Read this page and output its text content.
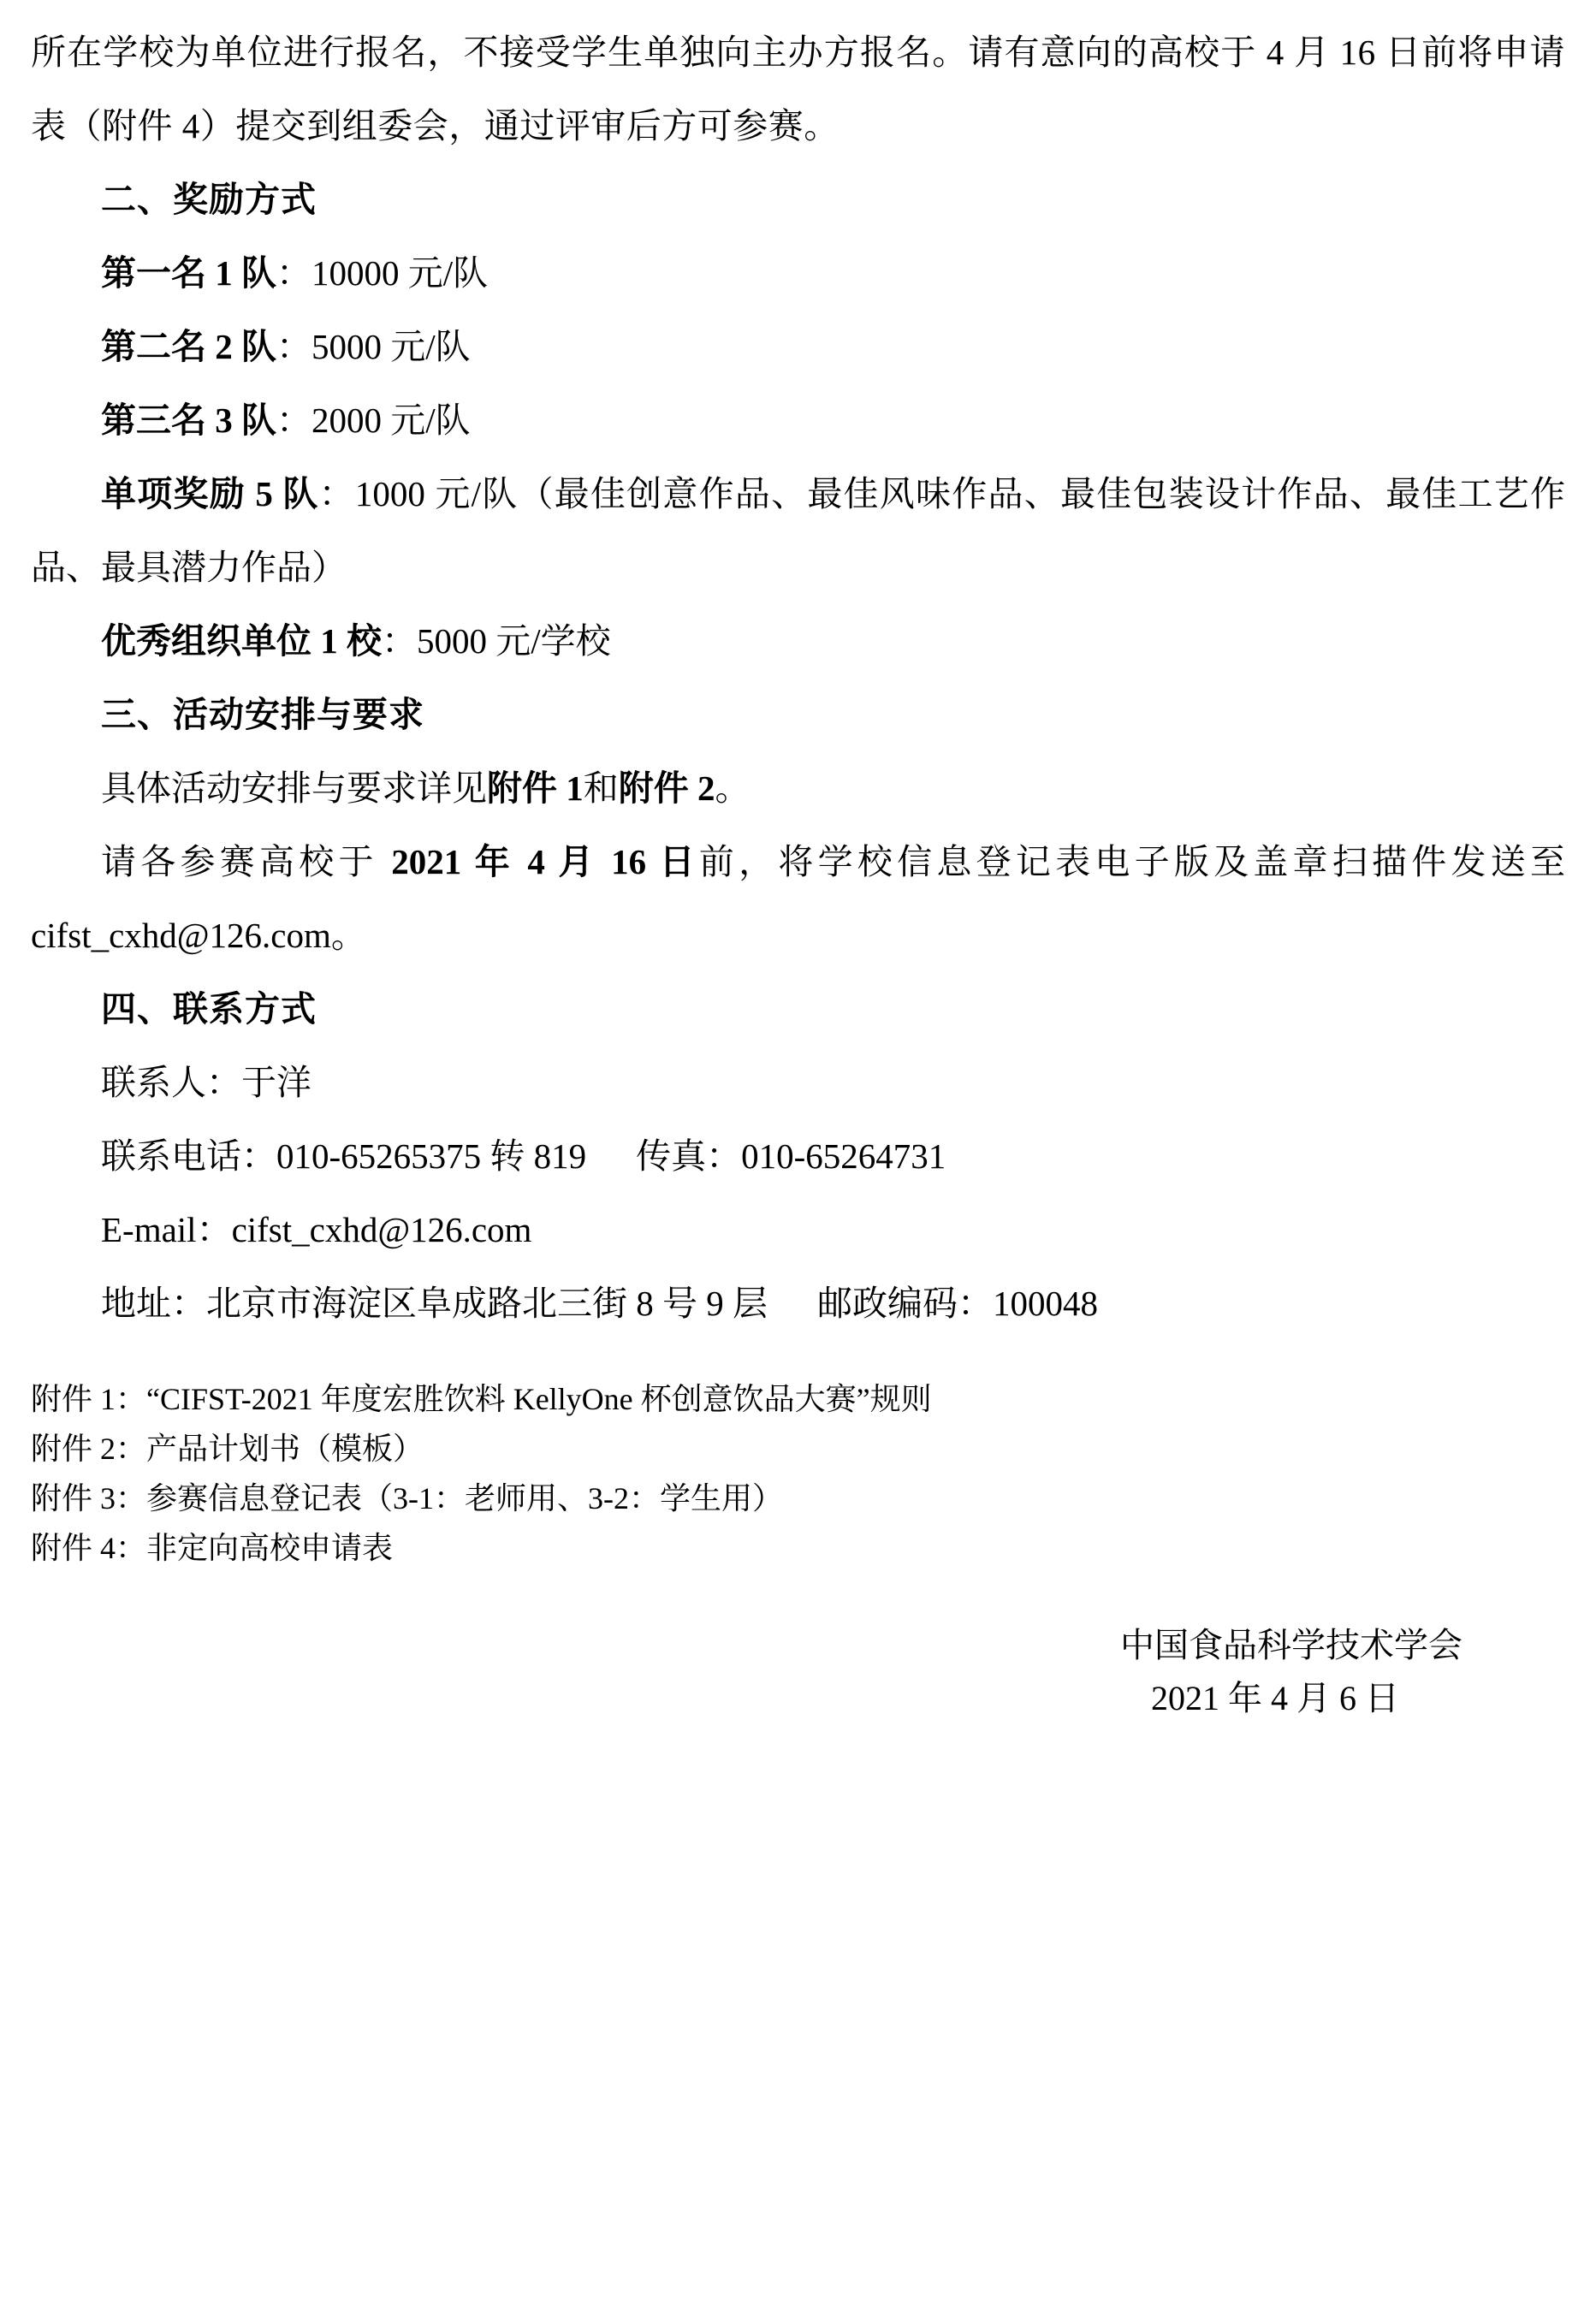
所在学校为单位进行报名，不接受学生单独向主办方报名。请有意向的高校于 4 月 16 日前将申请表（附件 4）提交到组委会，通过评审后方可参赛。
二、奖励方式
第一名 1 队：10000 元/队
第二名 2 队：5000 元/队
第三名 3 队：2000 元/队
单项奖励 5 队：1000 元/队（最佳创意作品、最佳风味作品、最佳包装设计作品、最佳工艺作品、最具潜力作品）
优秀组织单位 1 校：5000 元/学校
三、活动安排与要求
具体活动安排与要求详见附件 1和附件 2。
请各参赛高校于 2021 年 4 月 16 日前，将学校信息登记表电子版及盖章扫描件发送至 cifst_cxhd@126.com。
四、联系方式
联系人：于洋
联系电话：010-65265375 转 819 传真：010-65264731
E-mail：cifst_cxhd@126.com
地址：北京市海淀区阜成路北三街 8 号 9 层 邮政编码：100048
附件 1：“CIFST-2021 年度宏胜饮料 KellyOne 杯创意饮品大赛”规则
附件 2：产品计划书（模板）
附件 3：参赛信息登记表（3-1：老师用、3-2：学生用）
附件 4：非定向高校申请表
中国食品科学技术学会
2021 年 4 月 6 日
